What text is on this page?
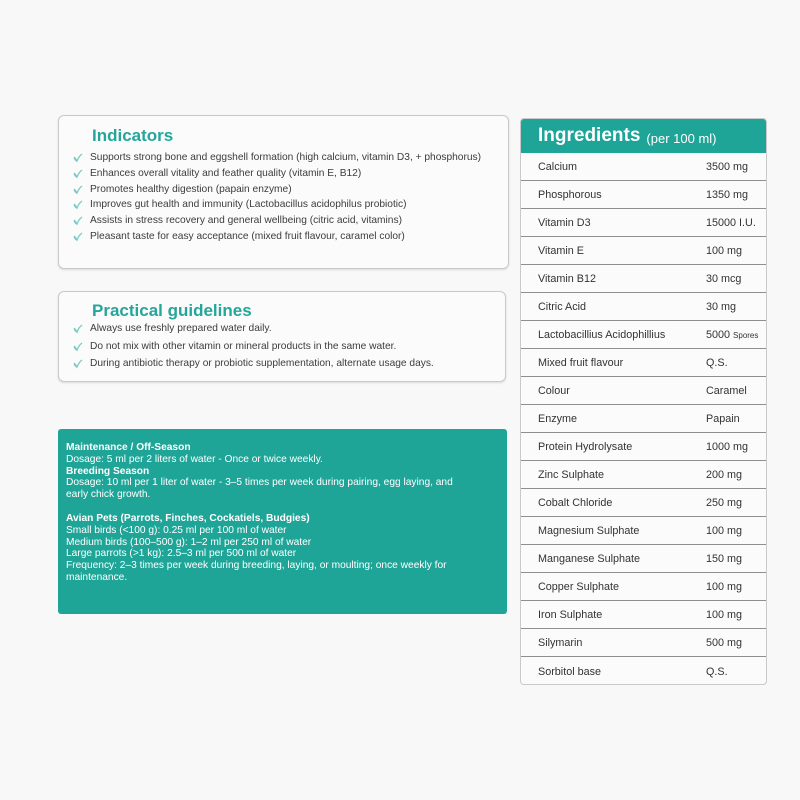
Indicators
Supports strong bone and eggshell formation (high calcium, vitamin D3, + phosphorus)
Enhances overall vitality and feather quality (vitamin E, B12)
Promotes healthy digestion (papain enzyme)
Improves gut health and immunity (Lactobacillus acidophilus probiotic)
Assists in stress recovery and general wellbeing (citric acid, vitamins)
Pleasant taste for easy acceptance (mixed fruit flavour, caramel color)
Practical guidelines
Always use freshly prepared water daily.
Do not mix with other vitamin or mineral products in the same water.
During antibiotic therapy or probiotic supplementation, alternate usage days.
Maintenance / Off-Season
Dosage: 5 ml per 2 liters of water - Once or twice weekly.
Breeding Season
Dosage: 10 ml per 1 liter of water - 3–5 times per week during pairing, egg laying, and early chick growth.
Avian Pets (Parrots, Finches, Cockatiels, Budgies)
Small birds (<100 g): 0.25 ml per 100 ml of water
Medium birds (100–500 g): 1–2 ml per 250 ml of water
Large parrots (>1 kg): 2.5–3 ml per 500 ml of water
Frequency: 2–3 times per week during breeding, laying, or moulting; once weekly for maintenance.
Ingredients (per 100 ml)
Calcium	3500 mg
Phosphorous	1350 mg
Vitamin D3	15000 I.U.
Vitamin E	100 mg
Vitamin B12	30 mcg
Citric Acid	30 mg
Lactobacillius Acidophillius	5000 Spores
Mixed fruit flavour	Q.S.
Colour	Caramel
Enzyme	Papain
Protein Hydrolysate	1000 mg
Zinc Sulphate	200 mg
Cobalt Chloride	250 mg
Magnesium Sulphate	100 mg
Manganese Sulphate	150 mg
Copper Sulphate	100 mg
Iron Sulphate	100 mg
Silymarin	500 mg
Sorbitol base	Q.S.
